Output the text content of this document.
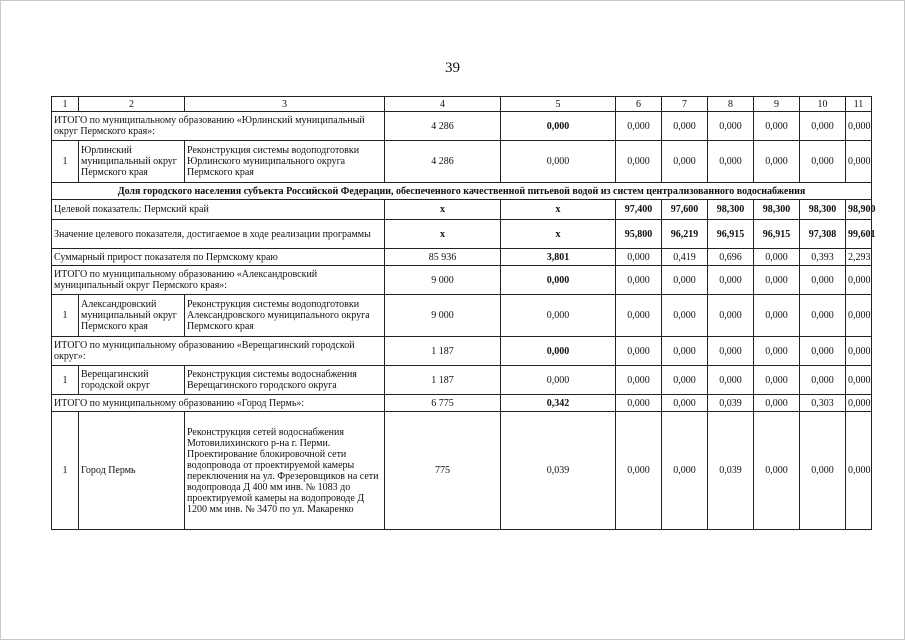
39
1	2	3	4	5	6	7	8	9	10	11
ИТОГО по муниципальному образованию «Юрлинский муниципальный округ Пермского края»:			4 286	0,000	0,000	0,000	0,000	0,000	0,000	0,000
1	Юрлинский муниципальный округ Пермского края	Реконструкция системы водоподготовки Юрлинского муниципального округа Пермского края	4 286	0,000	0,000	0,000	0,000	0,000	0,000	0,000
Доля городского населения субъекта Российской Федерации, обеспеченного качественной питьевой водой из систем централизованного водоснабжения										
Целевой показатель: Пермский край			x	x	97,400	97,600	98,300	98,300	98,300	98,900
Значение целевого показателя, достигаемое в ходе реализации программы			x	x	95,800	96,219	96,915	96,915	97,308	99,601
Суммарный прирост показателя по Пермскому краю			85 936	3,801	0,000	0,419	0,696	0,000	0,393	2,293
ИТОГО по муниципальному образованию «Александровский муниципальный округ Пермского края»:			9 000	0,000	0,000	0,000	0,000	0,000	0,000	0,000
1	Александровский муниципальный округ Пермского края	Реконструкция системы водоподготовки Александровского муниципального округа Пермского края	9 000	0,000	0,000	0,000	0,000	0,000	0,000	0,000
ИТОГО по муниципальному образованию «Верещагинский городской округ»:			1 187	0,000	0,000	0,000	0,000	0,000	0,000	0,000
1	Верещагинский городской округ	Реконструкция системы водоснабжения Верещагинского городского округа	1 187	0,000	0,000	0,000	0,000	0,000	0,000	0,000
ИТОГО по муниципальному образованию «Город Пермь»:			6 775	0,342	0,000	0,000	0,039	0,000	0,303	0,000
1	Город Пермь	Реконструкция сетей водоснабжения Мотовилихинского р-на г. Перми. Проектирование блокировочной сети водопровода от проектируемой камеры переключения на ул. Фрезеровщиков на сети водопровода Д 400 мм инв. № 1083 до проектируемой камеры на водопроводе Д 1200 мм инв. № 3470 по ул. Макаренко	775	0,039	0,000	0,000	0,039	0,000	0,000	0,000
